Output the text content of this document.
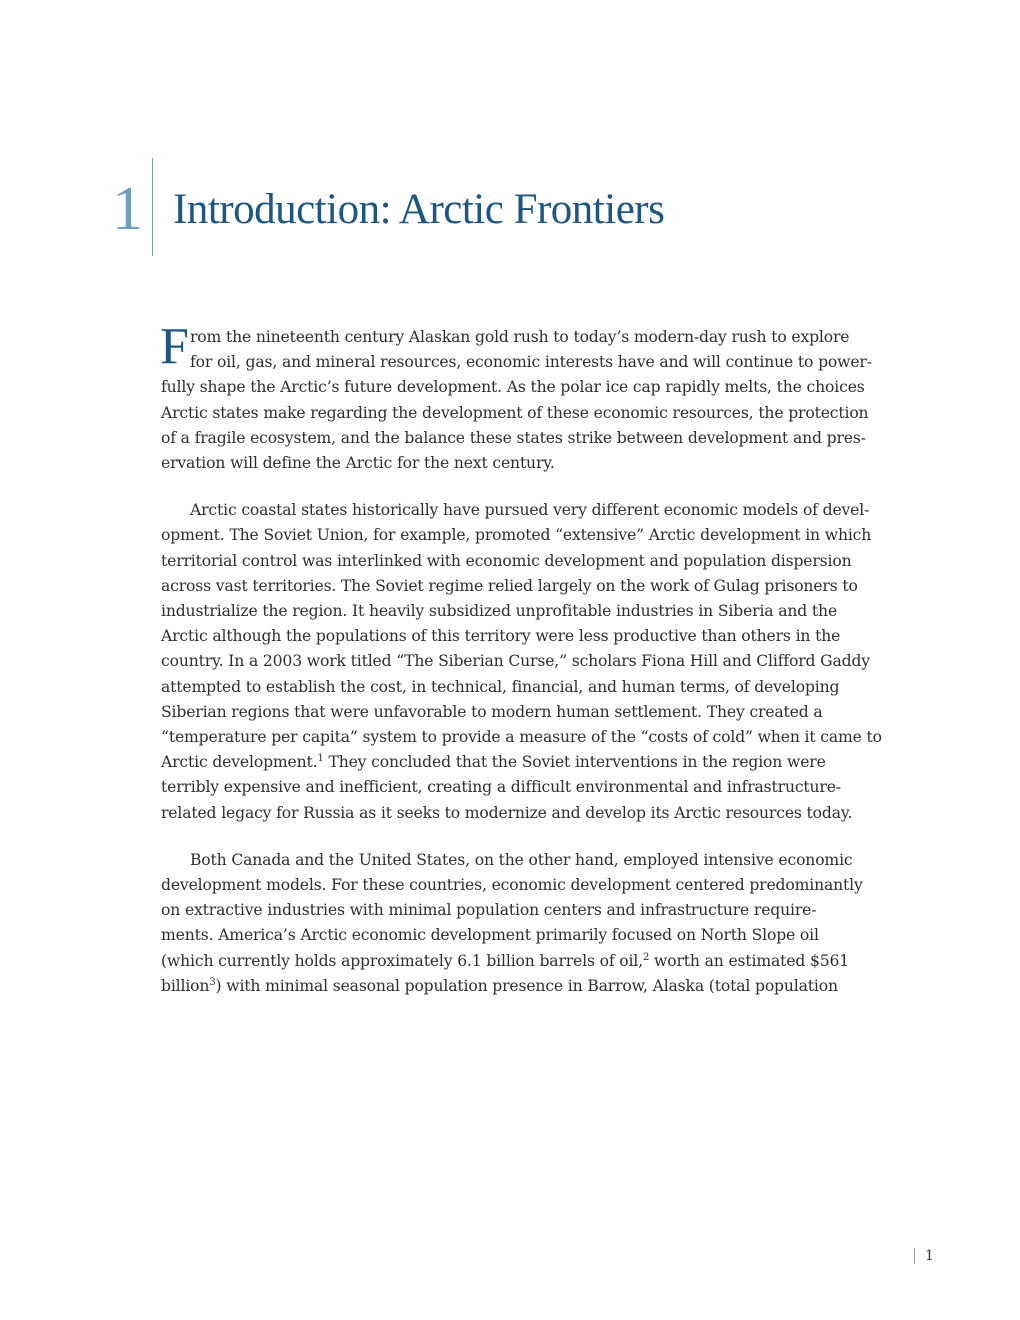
1 Introduction: Arctic Frontiers
F rom the nineteenth century Alaskan gold rush to today’s modern-day rush to explore
for oil, gas, and mineral resources, economic interests have and will continue to power-
fully shape the Arctic’s future development. As the polar ice cap rapidly melts, the choices
Arctic states make regarding the development of these economic resources, the protection
of a fragile ecosystem, and the balance these states strike between development and pres-
ervation will define the Arctic for the next century.
Arctic coastal states historically have pursued very different economic models of devel-
opment. The Soviet Union, for example, promoted “extensive” Arctic development in which
territorial control was interlinked with economic development and population dispersion
across vast territories. The Soviet regime relied largely on the work of Gulag prisoners to
industrialize the region. It heavily subsidized unprofitable industries in Siberia and the
Arctic although the populations of this territory were less productive than others in the
country. In a 2003 work titled “The Siberian Curse,” scholars Fiona Hill and Clifford Gaddy
attempted to establish the cost, in technical, financial, and human terms, of developing
Siberian regions that were unfavorable to modern human settlement. They created a
“temperature per capita” system to provide a measure of the “costs of cold” when it came to
Arctic development.$^1$ They concluded that the Soviet interventions in the region were
terribly expensive and inefficient, creating a difficult environmental and infrastructure-
related legacy for Russia as it seeks to modernize and develop its Arctic resources today.
Both Canada and the United States, on the other hand, employed intensive economic
development models. For these countries, economic development centered predominantly
on extractive industries with minimal population centers and infrastructure require-
ments. America’s Arctic economic development primarily focused on North Slope oil
(which currently holds approximately 6.1 billion barrels of oil,$^2$ worth an estimated $561
billion$^3$) with minimal seasonal population presence in Barrow, Alaska (total population
1
